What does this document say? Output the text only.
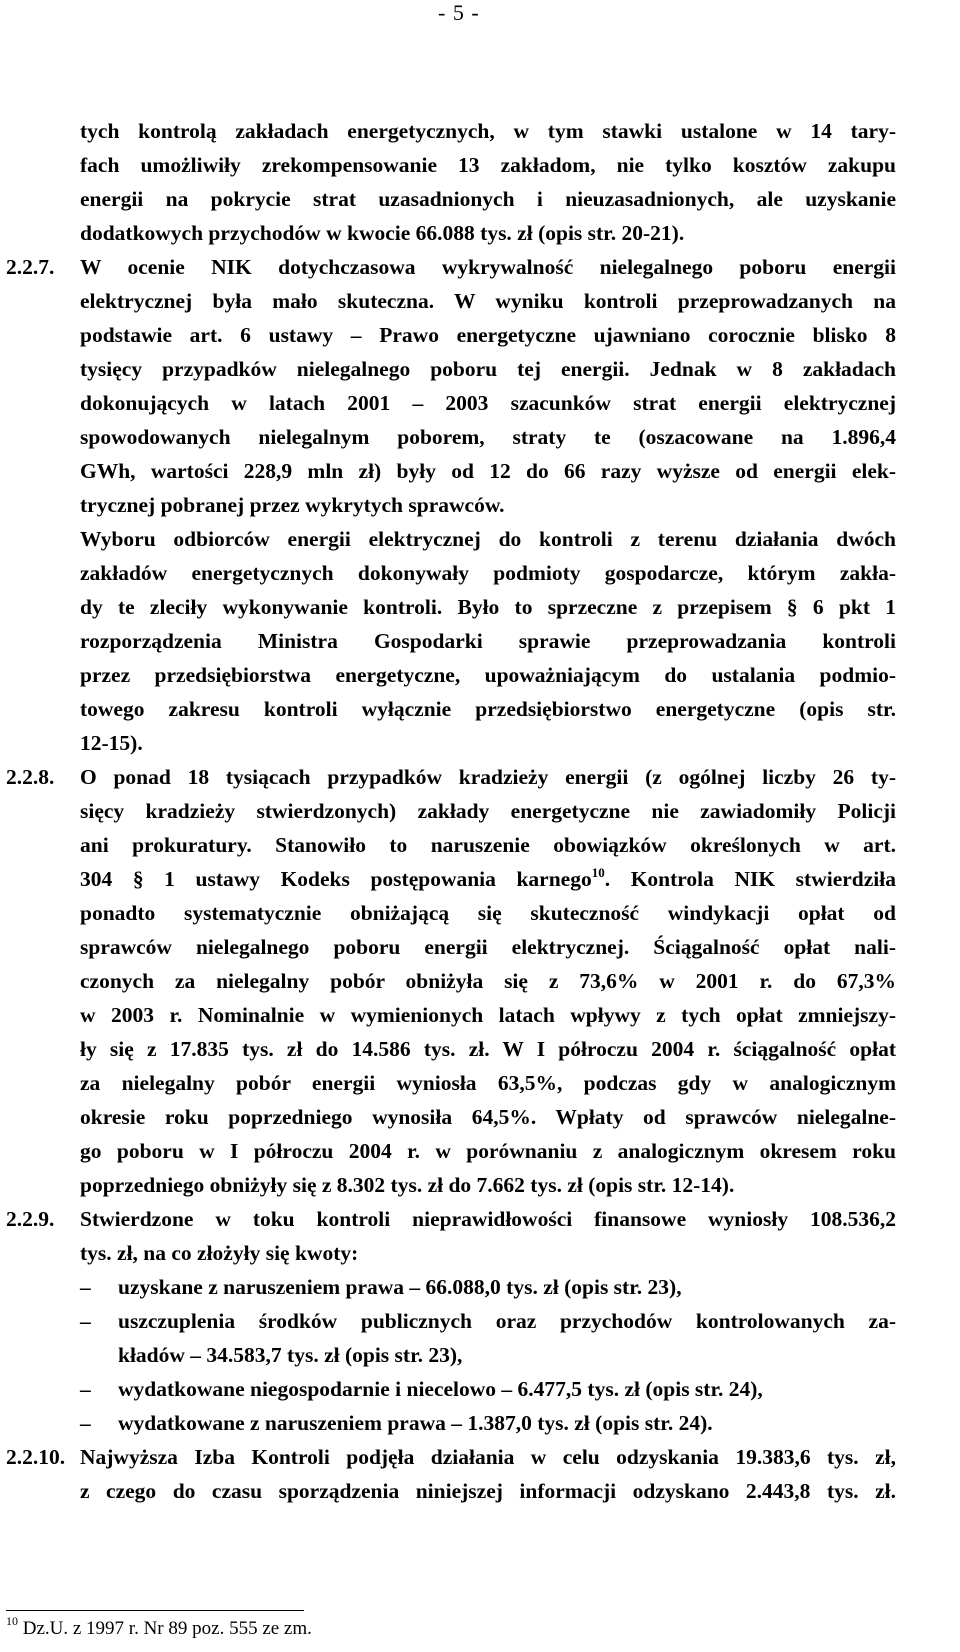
- 5 -
tych kontrolą zakładach energetycznych, w tym stawki ustalone w 14 tary-
fach umożliwiły zrekompensowanie 13 zakładom, nie tylko kosztów zakupu
energii na pokrycie strat uzasadnionych i nieuzasadnionych, ale uzyskanie
dodatkowych przychodów w kwocie 66.088 tys. zł (opis str. 20-21).
W ocenie NIK dotychczasowa wykrywalność nielegalnego poboru energii
elektrycznej była mało skuteczna. W wyniku kontroli przeprowadzanych na
podstawie art. 6 ustawy – Prawo energetyczne ujawniano corocznie blisko 8
tysięcy przypadków nielegalnego poboru tej energii. Jednak w 8 zakładach
dokonujących w latach 2001 – 2003 szacunków strat energii elektrycznej
spowodowanych nielegalnym poborem, straty te (oszacowane na 1.896,4
GWh, wartości 228,9 mln zł) były od 12 do 66 razy wyższe od energii elek-
trycznej pobranej przez wykrytych sprawców.
Wyboru odbiorców energii elektrycznej do kontroli z terenu działania dwóch
zakładów energetycznych dokonywały podmioty gospodarcze, którym zakła-
dy te zleciły wykonywanie kontroli. Było to sprzeczne z przepisem § 6 pkt 1
rozporządzenia Ministra Gospodarki sprawie przeprowadzania kontroli
przez przedsiębiorstwa energetyczne, upoważniającym do ustalania podmio-
towego zakresu kontroli wyłącznie przedsiębiorstwo energetyczne (opis str.
12-15).
O ponad 18 tysiącach przypadków kradzieży energii (z ogólnej liczby 26 ty-
sięcy kradzieży stwierdzonych) zakłady energetyczne nie zawiadomiły Policji
ani prokuratury. Stanowiło to naruszenie obowiązków określonych w art.
ponadto systematycznie obniżającą się skuteczność windykacji opłat od
sprawców nielegalnego poboru energii elektrycznej. Ściągalność opłat nali-
czonych za nielegalny pobór obniżyła się z 73,6% w 2001 r. do 67,3%
w 2003 r. Nominalnie w wymienionych latach wpływy z tych opłat zmniejszy-
ły się z 17.835 tys. zł do 14.586 tys. zł. W I półroczu 2004 r. ściągalność opłat
za nielegalny pobór energii wyniosła 63,5%, podczas gdy w analogicznym
okresie roku poprzedniego wynosiła 64,5%. Wpłaty od sprawców nielegalne-
go poboru w I półroczu 2004 r. w porównaniu z analogicznym okresem roku
poprzedniego obniżyły się z 8.302 tys. zł do 7.662 tys. zł (opis str. 12-14).
Stwierdzone w toku kontroli nieprawidłowości finansowe wyniosły 108.536,2
tys. zł, na co złożyły się kwoty:
–	uzyskane z naruszeniem prawa – 66.088,0 tys. zł (opis str. 23),
–	uszczuplenia środków publicznych oraz przychodów kontrolowanych za-
kładów – 34.583,7 tys. zł (opis str. 23),
–	wydatkowane niegospodarnie i niecelowo – 6.477,5 tys. zł (opis str. 24),
–	wydatkowane z naruszeniem prawa – 1.387,0 tys. zł (opis str. 24).
Najwyższa Izba Kontroli podjęła działania w celu odzyskania 19.383,6 tys. zł,
z czego do czasu sporządzenia niniejszej informacji odzyskano 2.443,8 tys. zł.
2.2.7.
2.2.8.
2.2.9.
2.2.10.
304 § 1 ustawy Kodeks postępowania karnego$^{10}$. Kontrola NIK stwierdziła
$^{10}$ Dz.U. z 1997 r. Nr 89 poz. 555 ze zm.
